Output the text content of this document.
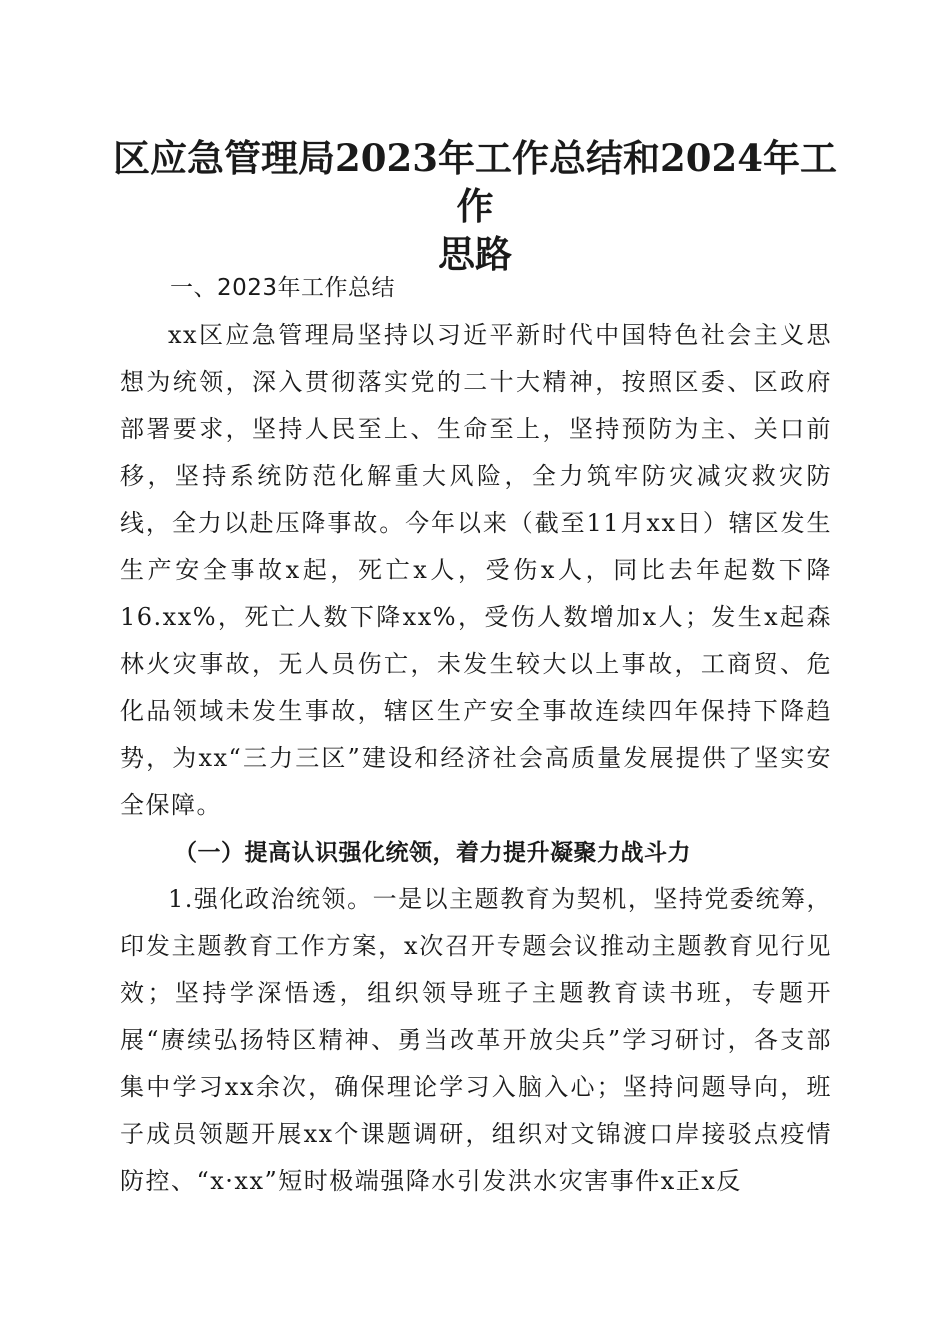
区应急管理局2023年工作总结和2024年工作
思路

一、2023年工作总结

xx区应急管理局坚持以习近平新时代中国特色社会主义思想为统领，深入贯彻落实党的二十大精神，按照区委、区政府部署要求，坚持人民至上、生命至上，坚持预防为主、关口前移，坚持系统防范化解重大风险，全力筑牢防灾减灾救灾防线，全力以赴压降事故。今年以来（截至11月xx日）辖区发生生产安全事故x起，死亡x人，受伤x人，同比去年起数下降16.xx%，死亡人数下降xx%，受伤人数增加x人；发生x起森林火灾事故，无人员伤亡，未发生较大以上事故，工商贸、危化品领域未发生事故，辖区生产安全事故连续四年保持下降趋势，为xx“三力三区”建设和经济社会高质量发展提供了坚实安全保障。

（一）提高认识强化统领，着力提升凝聚力战斗力

1.强化政治统领。一是以主题教育为契机，坚持党委统筹，印发主题教育工作方案，x次召开专题会议推动主题教育见行见效；坚持学深悟透，组织领导班子主题教育读书班，专题开展“赓续弘扬特区精神、勇当改革开放尖兵”学习研讨，各支部集中学习xx余次，确保理论学习入脑入心；坚持问题导向，班子成员领题开展xx个课题调研，组织对文锦渡口岸接驳点疫情防控、“x·xx”短时极端强降水引发洪水灾害事件x正x反
